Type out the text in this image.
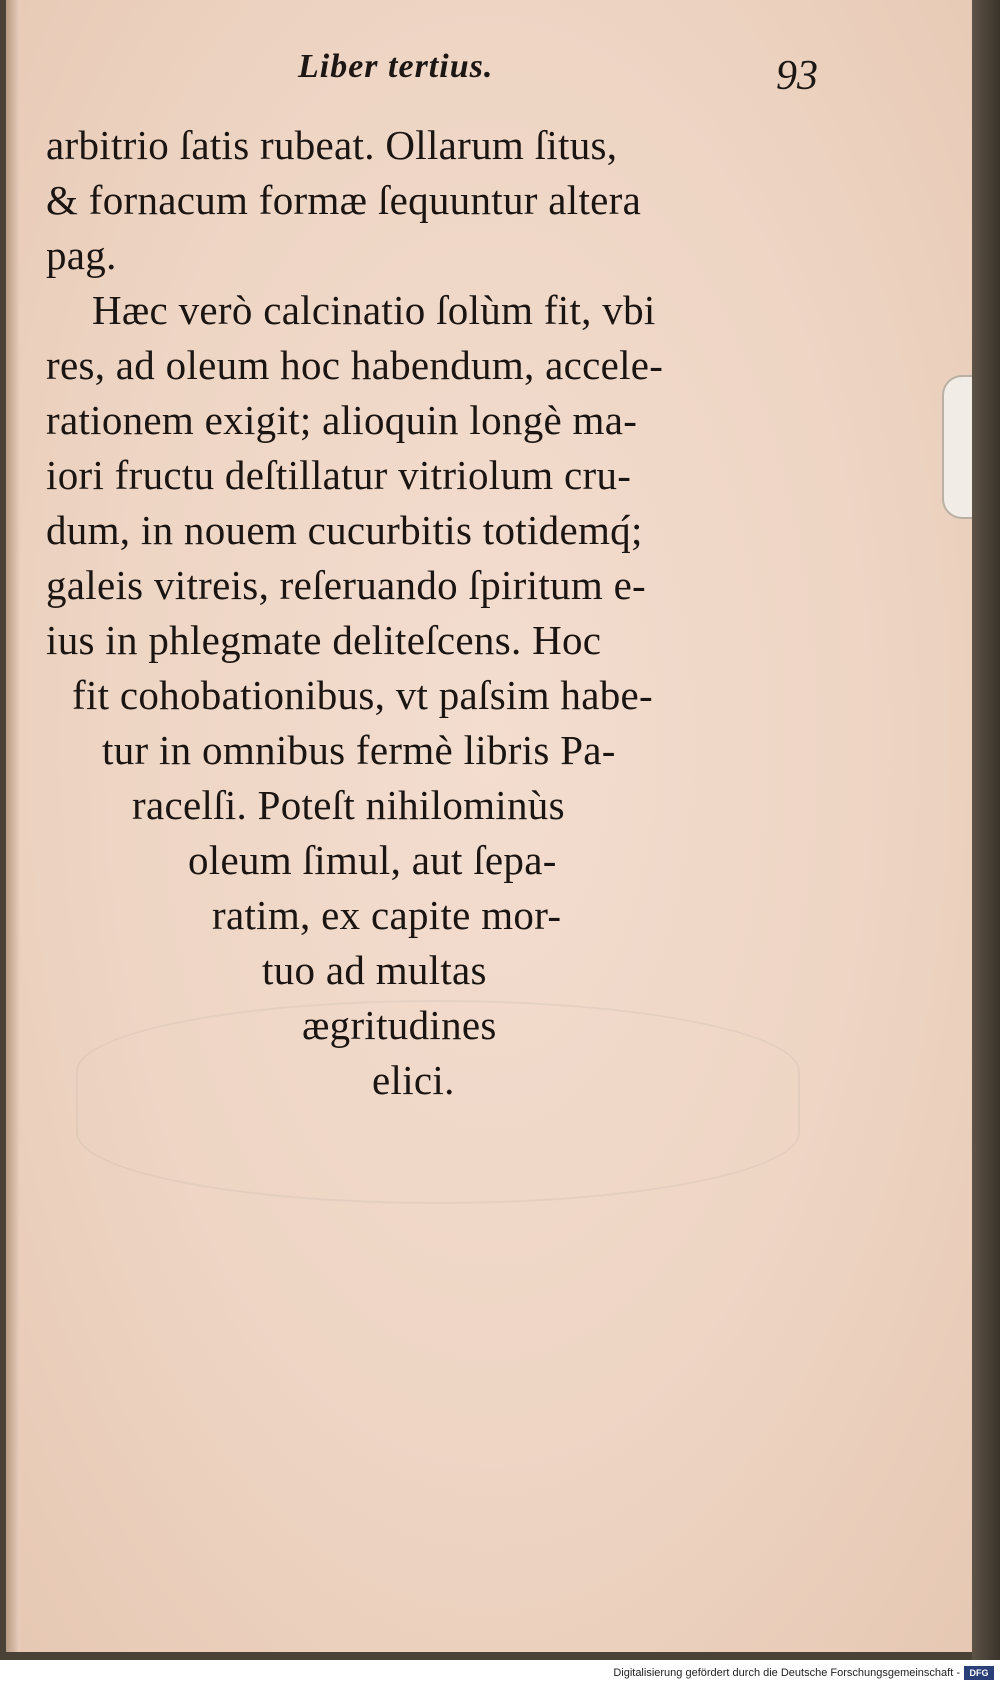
Liber tertius.	93
arbitrio ſatis rubeat. Ollarum ſitus,
& fornacum formæ ſequuntur altera
pag.
Hæc verò calcinatio ſolùm fit, vbi
res, ad oleum hoc habendum, accele-
rationem exigit; alioquin longè ma-
iori fructu deſtillatur vitriolum cru-
dum, in nouem cucurbitis totidemq́;
galeis vitreis, reſeruando ſpiritum e-
ius in phlegmate deliteſcens. Hoc
fit cohobationibus, vt paſsim habe-
tur in omnibus fermè libris Pa-
racelſi. Poteſt nihilominùs
oleum ſimul, aut ſepa-
ratim, ex capite mor-
tuo ad multas
ægritudines
elici.
Digitalisierung gefördert durch die Deutsche Forschungsgemeinschaft -	DFG
